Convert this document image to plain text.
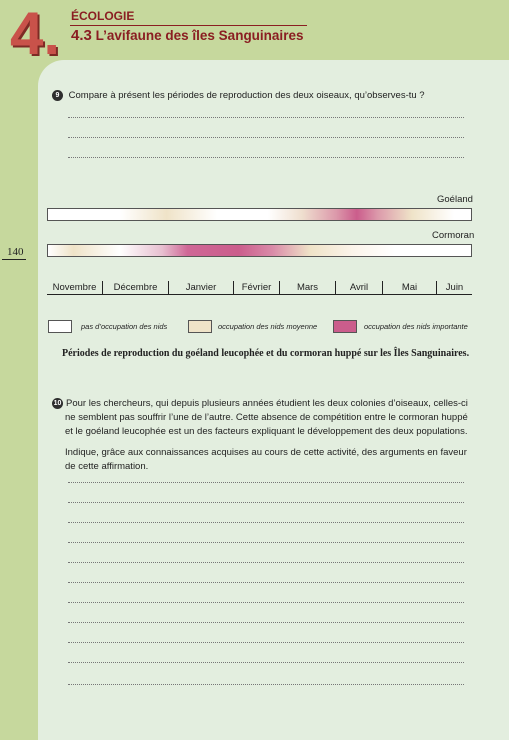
4. ÉCOLOGIE
4.3 L’avifaune des îles Sanguinaires
140
9 Compare à présent les périodes de reproduction des deux oiseaux, qu’observes-tu ?
Goéland
Cormoran
Novembre	Décembre	Janvier	Février	Mars	Avril	Mai	Juin
pas d’occupation des nids	occupation des nids moyenne	occupation des nids importante
Périodes de reproduction du goéland leucophée et du cormoran huppé sur les Îles Sanguinaires.

10 Pour les chercheurs, qui depuis plusieurs années étudient les deux colonies d’oiseaux, celles-ci

ne semblent pas souffrir l’une de l’autre. Cette absence de compétition entre le cormoran huppé et le goéland leucophée est un des facteurs expliquant le développement des deux populations.

Indique, grâce aux connaissances acquises au cours de cette activité, des arguments en faveur de cette affirmation.
